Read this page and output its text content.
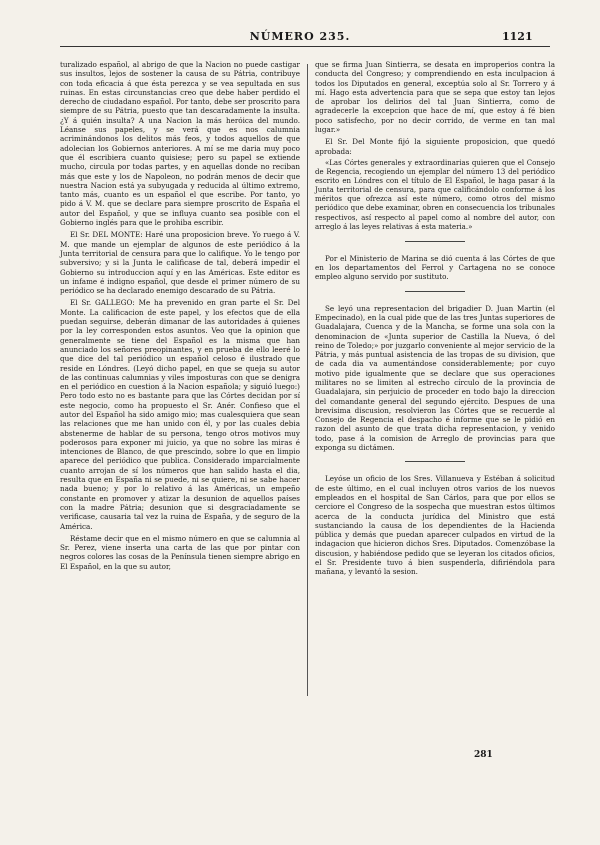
NÚMERO 235.	1121

turalizado español, al abrigo de que la Nacion no puede castigar sus insultos, lejos de sostener la causa de su Pátria, contribuye con toda eficacia á que ésta perezca y se vea sepultada en sus ruinas. En estas circunstancias creo que debe haber perdido el derecho de ciudadano español. Por tanto, debe ser proscrito para siempre de su Pátria, puesto que tan descaradamente la insulta. ¿Y á quién insulta? A una Nacion la más heróica del mundo. Léanse sus papeles, y se verá que es nos calumnia acriminándonos los delitos más feos, y todos aquellos de que adolecian los Gobiernos anteriores. A mí se me daria muy poco que él escribiera cuanto quisiese; pero su papel se extiende mucho, circula por todas partes, y en aquellas donde no reciban más que este y los de Napoleon, no podrán menos de decir que nuestra Nacion está ya subyugada y reducida al último extremo, tanto más, cuanto es un español el que escribe. Por tanto, yo pido á V. M. que se declare para siempre proscrito de España el autor del Español, y que se influya cuanto sea posible con el Gobierno inglés para que le prohiba escribir.

El Sr. DEL MONTE: Haré una proposicion breve. Yo ruego á V. M. que mande un ejemplar de algunos de este periódico á la Junta territorial de censura para que lo califique. Yo le tengo por subversivo; y si la Junta le calificase de tal, deberá impedir el Gobierno su introduccion aquí y en las Américas. Este editor es un infame é indigno español, que desde el primer número de su periódico se ha declarado enemigo descarado de su Pátria.

El Sr. GALLEGO: Me ha prevenido en gran parte el Sr. Del Monte. La calificacion de este papel, y los efectos que de ella puedan seguirse, deberán dimanar de las autoridades á quienes por la ley corresponden estos asuntos. Veo que la opinion que generalmente se tiene del Español es la misma que han anunciado los señores preopinantes, y en prueba de ello leeré lo que dice del tal periódico un español celoso é ilustrado que reside en Lóndres. (Leyó dicho papel, en que se queja su autor de las continuas calumnias y viles imposturas con que se denigra en el periódico en cuestion á la Nacion española; y siguió luego:) Pero todo esto no es bastante para que las Córtes decidan por sí este negocio, como ha propuesto el Sr. Anér. Confieso que el autor del Español ha sido amigo mio; mas cualesquiera que sean las relaciones que me han unido con él, y por las cuales debia abstenerme de hablar de su persona, tengo otros motivos muy poderosos para exponer mi juicio, ya que no sobre las miras é intenciones de Blanco, de que prescindo, sobre lo que en limpio aparece del periódico que publica. Considerado imparcialmente cuanto arrojan de sí los números que han salido hasta el dia, resulta que en España ni se puede, ni se quiere, ni se sabe hacer nada bueno; y por lo relativo á las Américas, un empeño constante en promover y atizar la desunion de aquellos países con la madre Pátria; desunion que si desgraciadamente se verificase, causaria tal vez la ruina de España, y de seguro de la América.

Réstame decir que en el mismo número en que se calumnia al Sr. Perez, viene inserta una carta de las que por pintar con negros colores las cosas de la Península tienen siempre abrigo en El Español, en la que su autor,

que se firma Juan Sintierra, se desata en improperios contra la conducta del Congreso; y comprendiendo en esta inculpacion á todos los Diputados en general, exceptúa solo al Sr. Torrero y á mí. Hago esta advertencia para que se sepa que estoy tan lejos de aprobar los delirios del tal Juan Sintierra, como de agradecerle la excepcion que hace de mí, que estoy á fé bien poco satisfecho, por no decir corrido, de verme en tan mal lugar.»

El Sr. Del Monte fijó la siguiente proposicion, que quedó aprobada:

«Las Córtes generales y extraordinarias quieren que el Consejo de Regencia, recogiendo un ejemplar del número 13 del periódico escrito en Lóndres con el título de El Español, le haga pasar á la Junta territorial de censura, para que calificándolo conforme á los méritos que ofrezca así este número, como otros del mismo periódico que debe examinar, obren en consecuencia los tribunales respectivos, así respecto al papel como al nombre del autor, con arreglo á las leyes relativas á esta materia.»

Por el Ministerio de Marina se dió cuenta á las Córtes de que en los departamentos del Ferrol y Cartagena no se conoce empleo alguno servido por sustituto.

Se leyó una representacion del brigadier D. Juan Martin (el Empecinado), en la cual pide que de las tres Juntas superiores de Guadalajara, Cuenca y de la Mancha, se forme una sola con la denominacion de «Junta superior de Castilla la Nueva, ó del reino de Toledo;» por juzgarlo conveniente al mejor servicio de la Pátria, y más puntual asistencia de las tropas de su division, que de cada dia va aumentándose considerablemente; por cuyo motivo pide igualmente que se declare que sus operaciones militares no se limiten al estrecho círculo de la provincia de Guadalajara, sin perjuicio de proceder en todo bajo la direccion del comandante general del segundo ejército. Despues de una brevisima discusion, resolvieron las Córtes que se recuerde al Consejo de Regencia el despacho é informe que se le pidió en razon del asunto de que trata dicha representacion, y venido todo, pase á la comision de Arreglo de provincias para que exponga su dictámen.

Leyóse un oficio de los Sres. Villanueva y Estéban á solicitud de este último, en el cual incluyen otros varios de los nuevos empleados en el hospital de San Cárlos, para que por ellos se cerciore el Congreso de la sospecha que muestran estos últimos acerca de la conducta jurídica del Ministro que está sustanciando la causa de los dependientes de la Hacienda pública y demás que puedan aparecer culpados en virtud de la indagacion que hicieron dichos Sres. Diputados. Comenzóbase la discusion, y habiéndose pedido que se leyeran los citados oficios, el Sr. Presidente tuvo á bien suspenderla, difiriéndola para mañana, y levantó la sesion.

281
